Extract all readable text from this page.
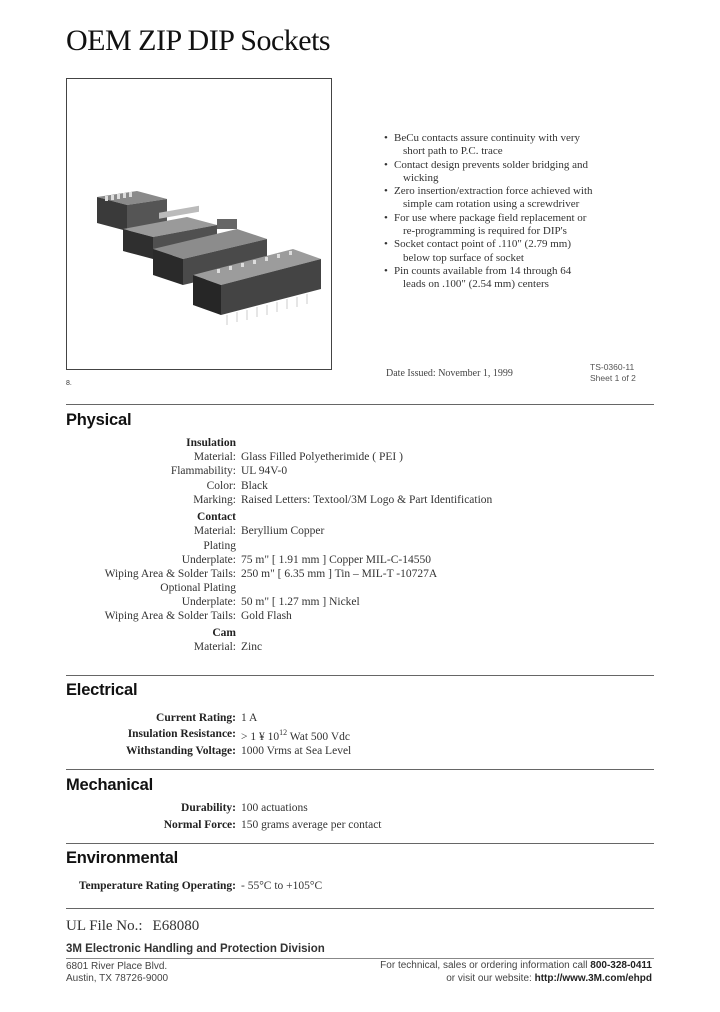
OEM ZIP DIP Sockets
8.
• BeCu contacts assure continuity with very
short path to P.C. trace
• Contact design prevents solder bridging and
wicking
• Zero insertion/extraction force achieved with
simple cam rotation using a screwdriver
• For use where package field replacement or
re-programming is required for DIP's
• Socket contact point of .110" (2.79 mm)
below top surface of socket
• Pin counts available from 14 through 64
leads on .100" (2.54 mm) centers
Date Issued: November 1, 1999
TS-0360-11
Sheet 1 of 2
Physical
Insulation
Material: Glass Filled Polyetherimide ( PEI )
Flammability: UL 94V-0
Color: Black
Marking: Raised Letters: Textool/3M Logo & Part Identification
Contact
Material: Beryllium Copper
Plating
Underplate: 75 m" [ 1.91 mm ] Copper MIL-C-14550
Wiping Area & Solder Tails: 250 m" [ 6.35 mm ] Tin – MIL-T -10727A
Optional Plating
Underplate: 50 m" [ 1.27 mm ] Nickel
Wiping Area & Solder Tails: Gold Flash
Cam
Material: Zinc
Electrical
Current Rating: 1 A
Insulation Resistance: > 1 ¥ $10^{12}$ Wat 500 Vdc
Withstanding Voltage: 1000 Vrms at Sea Level
Mechanical
Durability: 100 actuations
Normal Force: 150 grams average per contact
Environmental
Temperature Rating Operating: - 55°C to +105°C
UL File No.: E68080
3M Electronic Handling and Protection Division
6801 River Place Blvd.
Austin, TX 78726-9000
For technical, sales or ordering information call 800-328-0411
or visit our website: http://www.3M.com/ehpd
